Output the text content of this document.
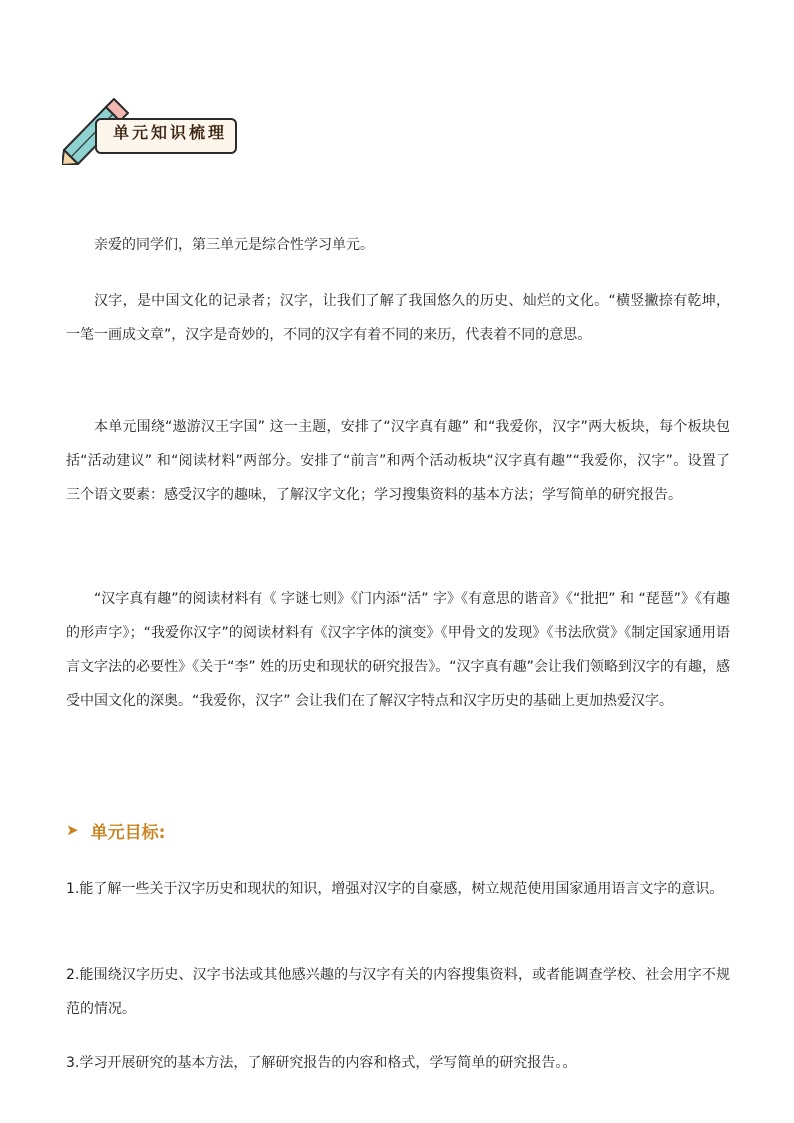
单元知识梳理

亲爱的同学们，第三单元是综合性学习单元。

汉字，是中国文化的记录者；汉字，让我们了解了我国悠久的历史、灿烂的文化。“横竖撇捺有乾坤，一笔一画成文章”，汉字是奇妙的，不同的汉字有着不同的来历，代表着不同的意思。

本单元围绕“遨游汉王字国” 这一主题，安排了“汉字真有趣” 和“我爱你，汉字”两大板块，每个板块包括“活动建议” 和“阅读材料”两部分。安排了“前言”和两个活动板块“汉字真有趣”“我爱你，汉字”。设置了三个语文要素：感受汉字的趣味，了解汉字文化；学习搜集资料的基本方法；学写简单的研究报告。

“汉字真有趣”的阅读材料有《 字谜七则》《门内添“活” 字》《有意思的谐音》《“批把” 和 “琵琶”》《有趣的形声字》；“我爱你汉字”的阅读材料有《汉字字体的演变》《甲骨文的发现》《书法欣赏》《制定国家通用语言文字法的必要性》《关于“李” 姓的历史和现状的研究报告》。“汉字真有趣”会让我们领略到汉字的有趣，感受中国文化的深奥。“我爱你，汉字” 会让我们在了解汉字特点和汉字历史的基础上更加热爱汉字。

➤ 单元目标:

1.能了解一些关于汉字历史和现状的知识，增强对汉字的自豪感，树立规范使用国家通用语言文字的意识。

2.能围绕汉字历史、汉字书法或其他感兴趣的与汉字有关的内容搜集资料，或者能调查学校、社会用字不规范的情况。

3.学习开展研究的基本方法，了解研究报告的内容和格式，学写简单的研究报告。。
